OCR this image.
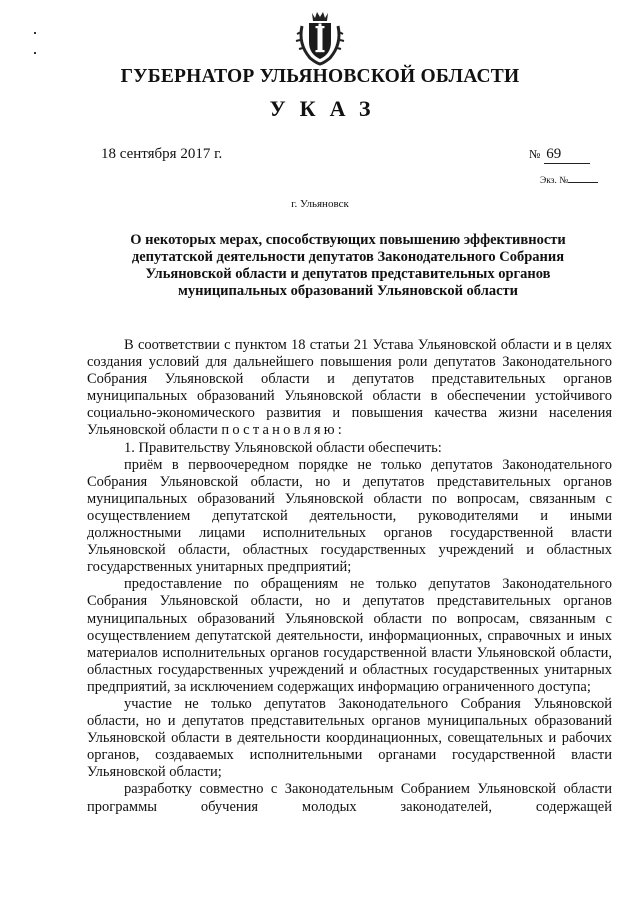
ГУБЕРНАТОР УЛЬЯНОВСКОЙ ОБЛАСТИ
УКАЗ
18 сентября 2017 г.	№ 69
Экз. №
г. Ульяновск
О некоторых мерах, способствующих повышению эффективности депутатской деятельности депутатов Законодательного Собрания Ульяновской области и депутатов представительных органов муниципальных образований Ульяновской области

В соответствии с пунктом 18 статьи 21 Устава Ульяновской области и в целях создания условий для дальнейшего повышения роли депутатов Законодательного Собрания Ульяновской области и депутатов представительных органов муниципальных образований Ульяновской области в обеспечении устойчивого социально-экономического развития и повышения качества жизни населения Ульяновской области постановляю:

1. Правительству Ульяновской области обеспечить:

приём в первоочередном порядке не только депутатов Законодательного Собрания Ульяновской области, но и депутатов представительных органов муниципальных образований Ульяновской области по вопросам, связанным с осуществлением депутатской деятельности, руководителями и иными должностными лицами исполнительных органов государственной власти Ульяновской области, областных государственных учреждений и областных государственных унитарных предприятий;

предоставление по обращениям не только депутатов Законодательного Собрания Ульяновской области, но и депутатов представительных органов муниципальных образований Ульяновской области по вопросам, связанным с осуществлением депутатской деятельности, информационных, справочных и иных материалов исполнительных органов государственной власти Ульяновской области, областных государственных учреждений и областных государственных унитарных предприятий, за исключением содержащих информацию ограниченного доступа;

участие не только депутатов Законодательного Собрания Ульяновской области, но и депутатов представительных органов муниципальных образований Ульяновской области в деятельности координационных, совещательных и рабочих органов, создаваемых исполнительными органами государственной власти Ульяновской области;

разработку совместно с Законодательным Собранием Ульяновской области программы обучения молодых законодателей, содержащей
